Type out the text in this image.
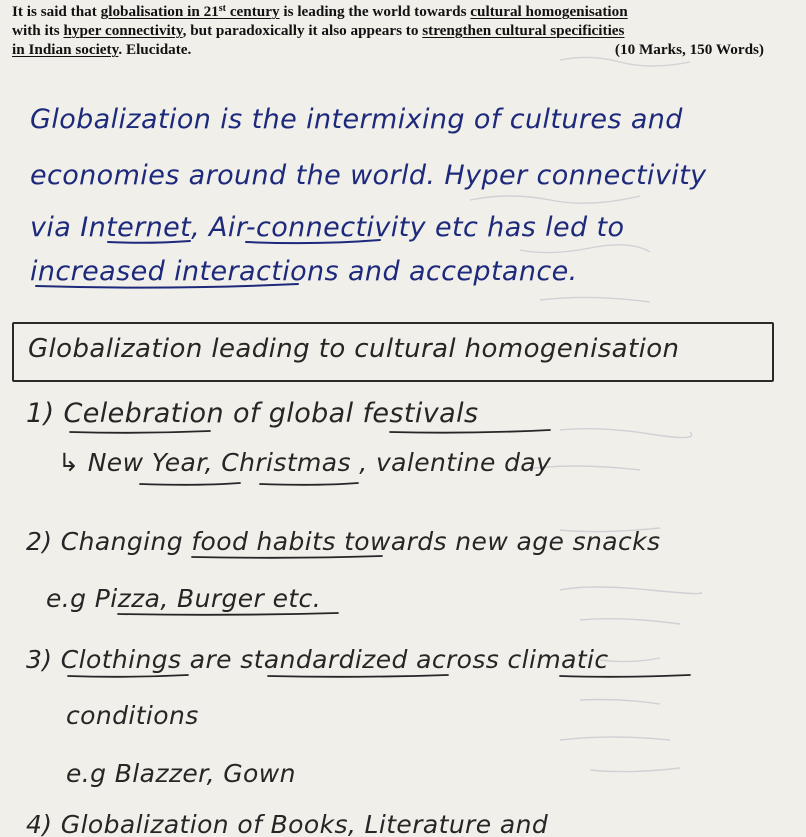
It is said that globalisation in 21st century is leading the world towards cultural homogenisation
with its hyper connectivity, but paradoxically it also appears to strengthen cultural specificities
in Indian society. Elucidate.	(10 Marks, 150 Words)
Globalization is the intermixing of cultures and
economies around the world. Hyper connectivity
via Internet, Air-connectivity etc has led to
increased interactions and acceptance.
Globalization leading to cultural homogenisation
1) Celebration of global festivals
↳ New Year, Christmas , valentine day
2) Changing food habits towards new age snacks
e.g Pizza, Burger etc.
3) Clothings are standardized across climatic
conditions
e.g Blazzer, Gown
4) Globalization of Books, Literature and
